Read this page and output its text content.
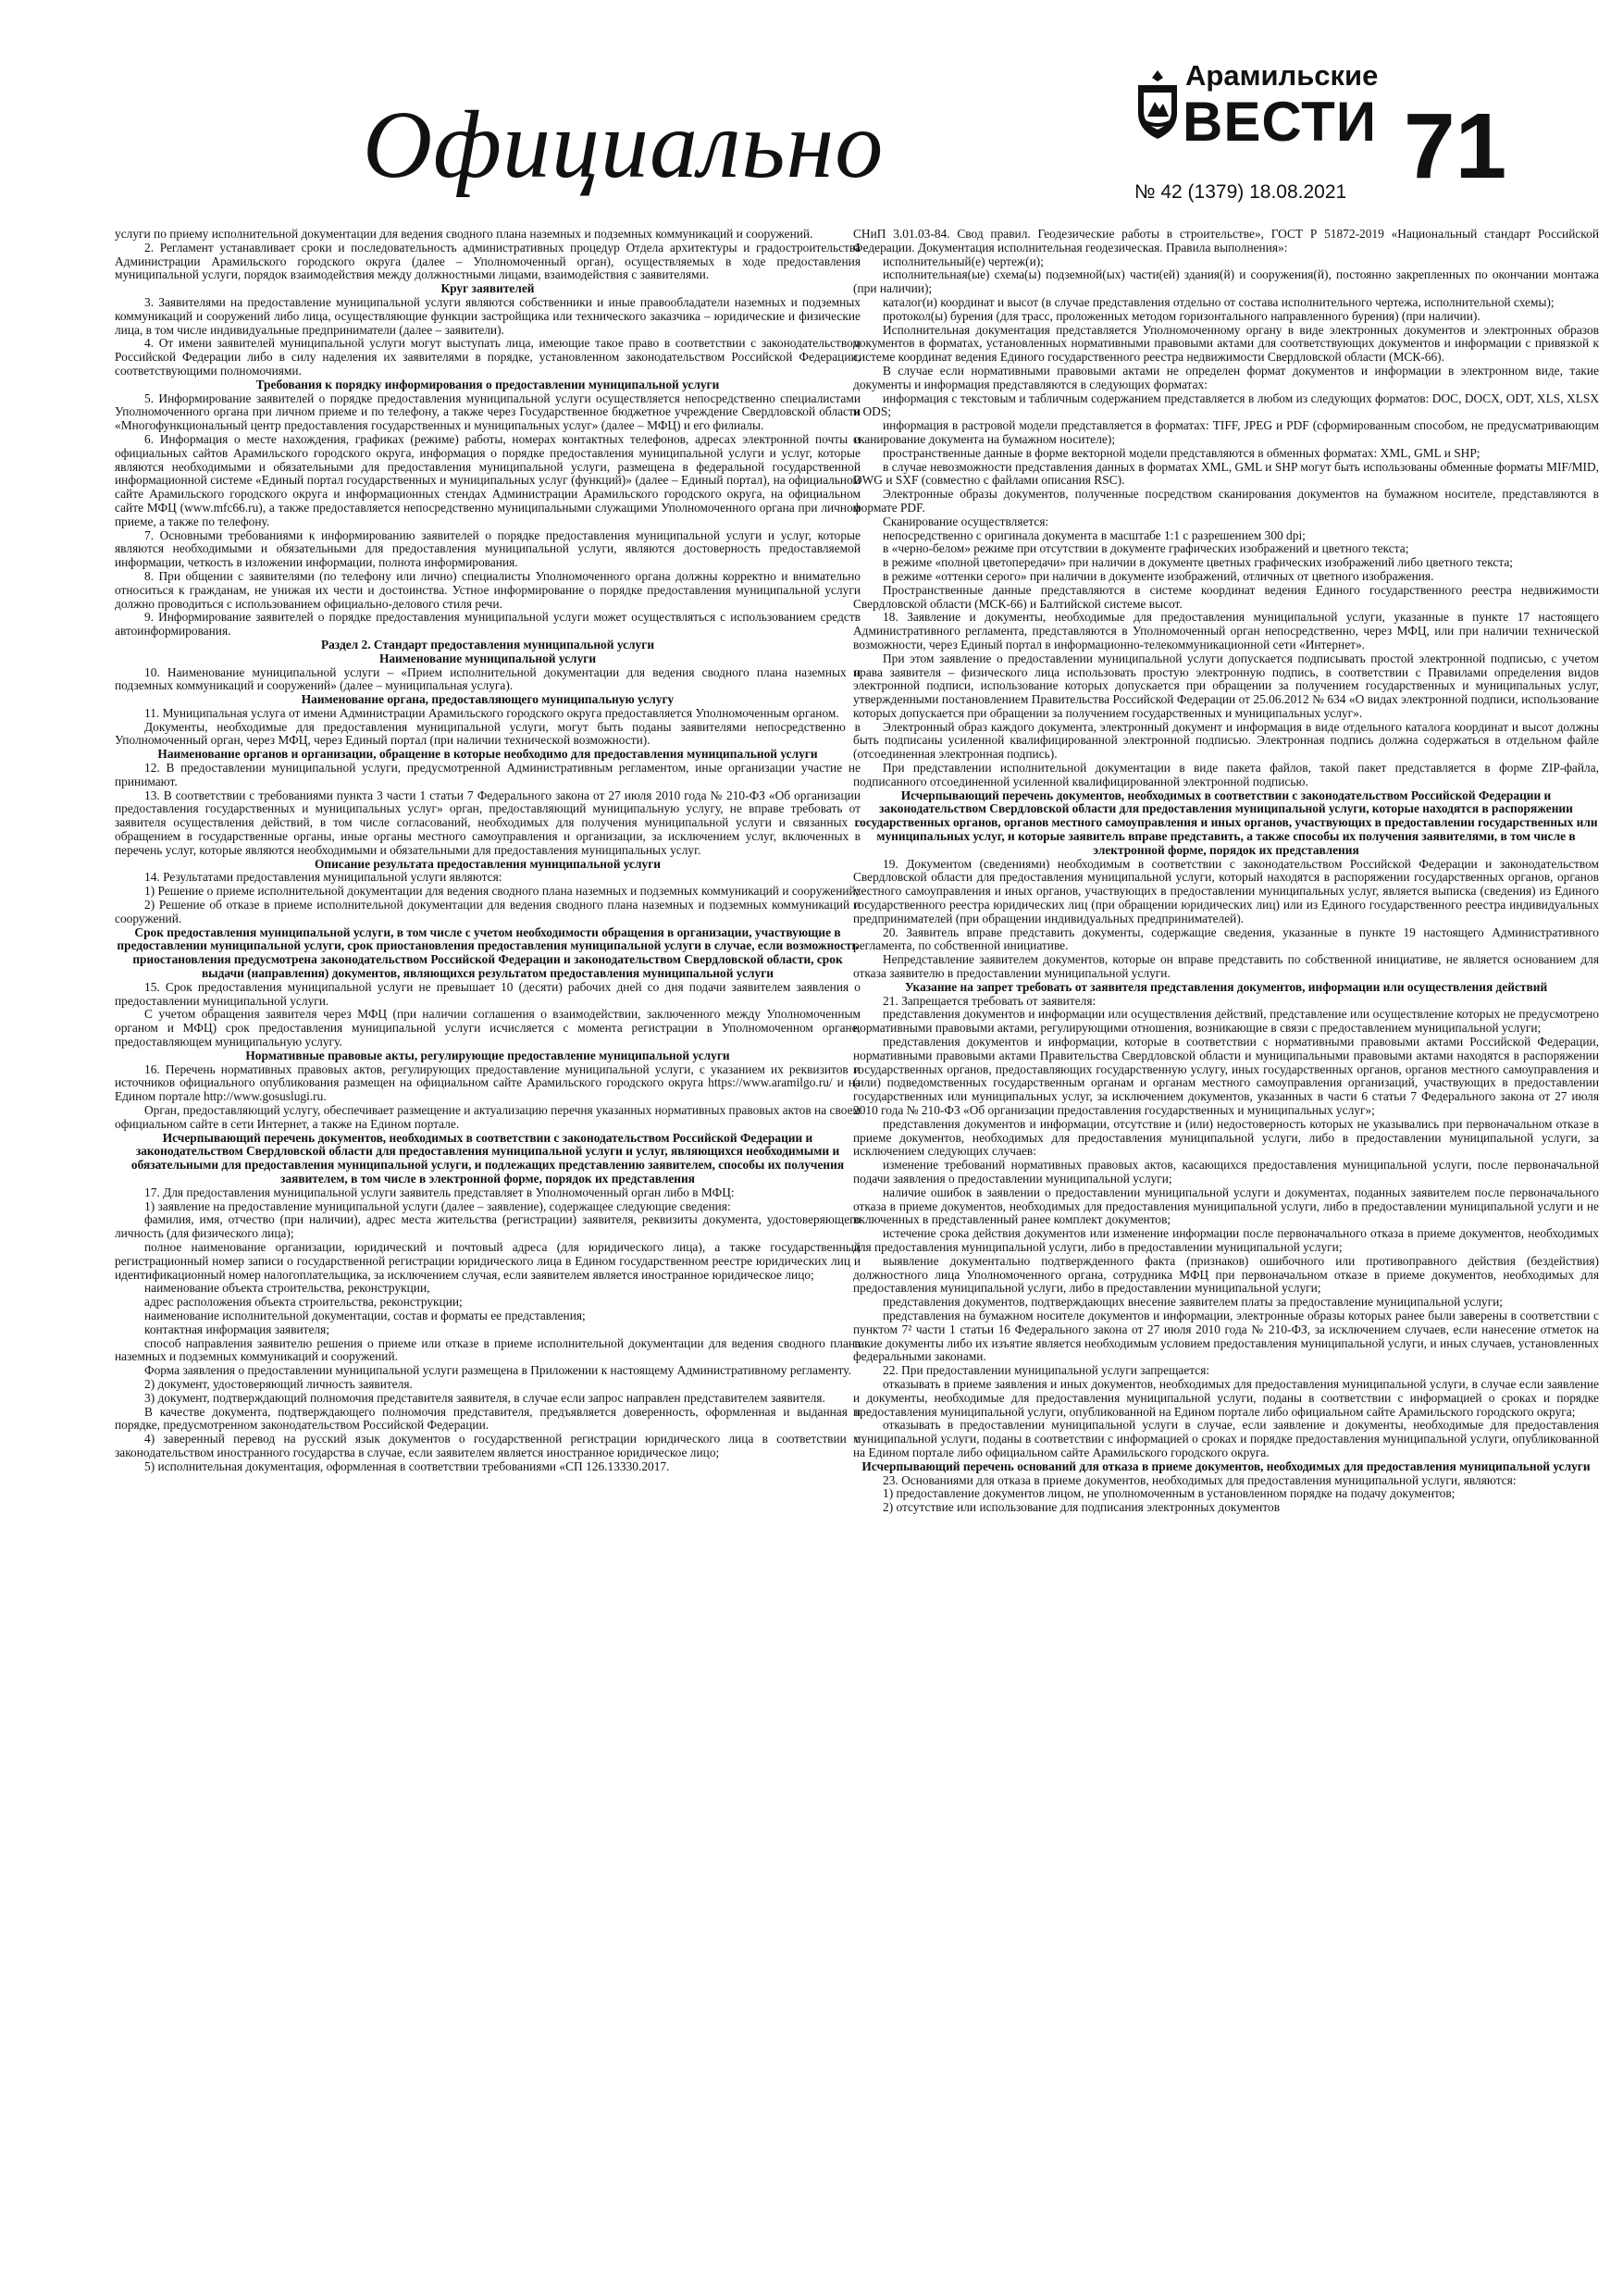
Официально
Арамильские
ВЕСТИ
№ 42 (1379) 18.08.2021 71

услуги по приему исполнительной документации для ведения сводного плана наземных и подземных коммуникаций и сооружений.

2. Регламент устанавливает сроки и последовательность административных процедур Отдела архитектуры и градостроительства Администрации Арамильского городского округа (далее – Уполномоченный орган), осуществляемых в ходе предоставления муниципальной услуги, порядок взаимодействия между должностными лицами, взаимодействия с заявителями.

Круг заявителей

3. Заявителями на предоставление муниципальной услуги являются собственники и иные правообладатели наземных и подземных коммуникаций и сооружений либо лица, осуществляющие функции застройщика или технического заказчика – юридические и физические лица, в том числе индивидуальные предприниматели (далее – заявители).

4. От имени заявителей муниципальной услуги могут выступать лица, имеющие такое право в соответствии с законодательством Российской Федерации либо в силу наделения их заявителями в порядке, установленном законодательством Российской Федерации, соответствующими полномочиями.

Требования к порядку информирования о предоставлении муниципальной услуги

5. Информирование заявителей о порядке предоставления муниципальной услуги осуществляется непосредственно специалистами Уполномоченного органа при личном приеме и по телефону, а также через Государственное бюджетное учреждение Свердловской области «Многофункциональный центр предоставления государственных и муниципальных услуг» (далее – МФЦ) и его филиалы.

6. Информация о месте нахождения, графиках (режиме) работы, номерах контактных телефонов, адресах электронной почты и официальных сайтов Арамильского городского округа, информация о порядке предоставления муниципальной услуги и услуг, которые являются необходимыми и обязательными для предоставления муниципальной услуги, размещена в федеральной государственной информационной системе «Единый портал государственных и муниципальных услуг (функций)» (далее – Единый портал), на официальном сайте Арамильского городского округа и информационных стендах Администрации Арамильского городского округа, на официальном сайте МФЦ (www.mfc66.ru), а также предоставляется непосредственно муниципальными служащими Уполномоченного органа при личном приеме, а также по телефону.

7. Основными требованиями к информированию заявителей о порядке предоставления муниципальной услуги и услуг, которые являются необходимыми и обязательными для предоставления муниципальной услуги, являются достоверность предоставляемой информации, четкость в изложении информации, полнота информирования.

8. При общении с заявителями (по телефону или лично) специалисты Уполномоченного органа должны корректно и внимательно относиться к гражданам, не унижая их чести и достоинства. Устное информирование о порядке предоставления муниципальной услуги должно проводиться с использованием официально-делового стиля речи.

9. Информирование заявителей о порядке предоставления муниципальной услуги может осуществляться с использованием средств автоинформирования.

Раздел 2. Стандарт предоставления муниципальной услуги
Наименование муниципальной услуги

10. Наименование муниципальной услуги – «Прием исполнительной документации для ведения сводного плана наземных и подземных коммуникаций и сооружений» (далее – муниципальная услуга).

Наименование органа, предоставляющего муниципальную услугу

11. Муниципальная услуга от имени Администрации Арамильского городского округа предоставляется Уполномоченным органом.

Документы, необходимые для предоставления муниципальной услуги, могут быть поданы заявителями непосредственно в Уполномоченный орган, через МФЦ, через Единый портал (при наличии технической возможности).

Наименование органов и организации, обращение в которые необходимо для предоставления муниципальной услуги

12. В предоставлении муниципальной услуги, предусмотренной Административным регламентом, иные организации участие не принимают.

13. В соответствии с требованиями пункта 3 части 1 статьи 7 Федерального закона от 27 июля 2010 года № 210-ФЗ «Об организации предоставления государственных и муниципальных услуг» орган, предоставляющий муниципальную услугу, не вправе требовать от заявителя осуществления действий, в том числе согласований, необходимых для получения муниципальной услуги и связанных с обращением в государственные органы, иные органы местного самоуправления и организации, за исключением услуг, включенных в перечень услуг, которые являются необходимыми и обязательными для предоставления муниципальных услуг.

Описание результата предоставления муниципальной услуги

14. Результатами предоставления муниципальной услуги являются:

1) Решение о приеме исполнительной документации для ведения сводного плана наземных и подземных коммуникаций и сооружений;

2) Решение об отказе в приеме исполнительной документации для ведения сводного плана наземных и подземных коммуникаций и сооружений.

Срок предоставления муниципальной услуги, в том числе с учетом необходимости обращения в организации, участвующие в предоставлении муниципальной услуги, срок приостановления предоставления муниципальной услуги в случае, если возможность приостановления предусмотрена законодательством Российской Федерации и законодательством Свердловской области, срок выдачи (направления) документов, являющихся результатом предоставления муниципальной услуги

15. Срок предоставления муниципальной услуги не превышает 10 (десяти) рабочих дней со дня подачи заявителем заявления о предоставлении муниципальной услуги.

С учетом обращения заявителя через МФЦ (при наличии соглашения о взаимодействии, заключенного между Уполномоченным органом и МФЦ) срок предоставления муниципальной услуги исчисляется с момента регистрации в Уполномоченном органе, предоставляющем муниципальную услугу.

Нормативные правовые акты, регулирующие предоставление муниципальной услуги

16. Перечень нормативных правовых актов, регулирующих предоставление муниципальной услуги, с указанием их реквизитов и источников официального опубликования размещен на официальном сайте Арамильского городского округа https://www.aramilgo.ru/ и на Едином портале http://www.gosuslugi.ru.

Орган, предоставляющий услугу, обеспечивает размещение и актуализацию перечня указанных нормативных правовых актов на своем официальном сайте в сети Интернет, а также на Едином портале.

Исчерпывающий перечень документов, необходимых в соответствии с законодательством Российской Федерации и законодательством Свердловской области для предоставления муниципальной услуги и услуг, являющихся необходимыми и обязательными для предоставления муниципальной услуги, и подлежащих представлению заявителем, способы их получения заявителем, в том числе в электронной форме, порядок их представления

17. Для предоставления муниципальной услуги заявитель представляет в Уполномоченный орган либо в МФЦ:

1) заявление на предоставление муниципальной услуги (далее – заявление), содержащее следующие сведения:

фамилия, имя, отчество (при наличии), адрес места жительства (регистрации) заявителя, реквизиты документа, удостоверяющего личность (для физического лица);

полное наименование организации, юридический и почтовый адреса (для юридического лица), а также государственный регистрационный номер записи о государственной регистрации юридического лица в Едином государственном реестре юридических лиц и идентификационный номер налогоплательщика, за исключением случая, если заявителем является иностранное юридическое лицо;

наименование объекта строительства, реконструкции,

адрес расположения объекта строительства, реконструкции;

наименование исполнительной документации, состав и форматы ее представления;

контактная информация заявителя;

способ направления заявителю решения о приеме или отказе в приеме исполнительной документации для ведения сводного плана наземных и подземных коммуникаций и сооружений.

Форма заявления о предоставлении муниципальной услуги размещена в Приложении к настоящему Административному регламенту.

2) документ, удостоверяющий личность заявителя.

3) документ, подтверждающий полномочия представителя заявителя, в случае если запрос направлен представителем заявителя.

В качестве документа, подтверждающего полномочия представителя, предъявляется доверенность, оформленная и выданная в порядке, предусмотренном законодательством Российской Федерации.

4) заверенный перевод на русский язык документов о государственной регистрации юридического лица в соответствии с законодательством иностранного государства в случае, если заявителем является иностранное юридическое лицо;

5) исполнительная документация, оформленная в соответствии требованиями «СП 126.13330.2017.

СНиП 3.01.03-84. Свод правил. Геодезические работы в строительстве», ГОСТ Р 51872-2019 «Национальный стандарт Российской Федерации. Документация исполнительная геодезическая. Правила выполнения»:

исполнительный(е) чертеж(и);

исполнительная(ые) схема(ы) подземной(ых) части(ей) здания(й) и сооружения(й), постоянно закрепленных по окончании монтажа (при наличии);

каталог(и) координат и высот (в случае представления отдельно от состава исполнительного чертежа, исполнительной схемы);

протокол(ы) бурения (для трасс, проложенных методом горизонтального направленного бурения) (при наличии).

Исполнительная документация представляется Уполномоченному органу в виде электронных документов и электронных образов документов в форматах, установленных нормативными правовыми актами для соответствующих документов и информации с привязкой к системе координат ведения Единого государственного реестра недвижимости Свердловской области (МСК-66).

В случае если нормативными правовыми актами не определен формат документов и информации в электронном виде, такие документы и информация представляются в следующих форматах:

информация с текстовым и табличным содержанием представляется в любом из следующих форматов: DOC, DOCX, ODT, XLS, XLSX и ODS;

информация в растровой модели представляется в форматах: TIFF, JPEG и PDF (сформированным способом, не предусматривающим сканирование документа на бумажном носителе);

пространственные данные в форме векторной модели представляются в обменных форматах: XML, GML и SHP;

в случае невозможности представления данных в форматах XML, GML и SHP могут быть использованы обменные форматы MIF/MID, DWG и SXF (совместно с файлами описания RSC).

Электронные образы документов, полученные посредством сканирования документов на бумажном носителе, представляются в формате PDF.

Сканирование осуществляется:

непосредственно с оригинала документа в масштабе 1:1 с разрешением 300 dpi;

в «черно-белом» режиме при отсутствии в документе графических изображений и цветного текста;

в режиме «полной цветопередачи» при наличии в документе цветных графических изображений либо цветного текста;

в режиме «оттенки серого» при наличии в документе изображений, отличных от цветного изображения.

Пространственные данные представляются в системе координат ведения Единого государственного реестра недвижимости Свердловской области (МСК-66) и Балтийской системе высот.

18. Заявление и документы, необходимые для предоставления муниципальной услуги, указанные в пункте 17 настоящего Административного регламента, представляются в Уполномоченный орган непосредственно, через МФЦ, или при наличии технической возможности, через Единый портал в информационно-телекоммуникационной сети «Интернет».

При этом заявление о предоставлении муниципальной услуги допускается подписывать простой электронной подписью, с учетом права заявителя – физического лица использовать простую электронную подпись, в соответствии с Правилами определения видов электронной подписи, использование которых допускается при обращении за получением государственных и муниципальных услуг, утвержденными постановлением Правительства Российской Федерации от 25.06.2012 № 634 «О видах электронной подписи, использование которых допускается при обращении за получением государственных и муниципальных услуг».

Электронный образ каждого документа, электронный документ и информация в виде отдельного каталога координат и высот должны быть подписаны усиленной квалифицированной электронной подписью. Электронная подпись должна содержаться в отдельном файле (отсоединенная электронная подпись).

При представлении исполнительной документации в виде пакета файлов, такой пакет представляется в форме ZIP-файла, подписанного отсоединенной усиленной квалифицированной электронной подписью.

Исчерпывающий перечень документов, необходимых в соответствии с законодательством Российской Федерации и законодательством Свердловской области для предоставления муниципальной услуги, которые находятся в распоряжении государственных органов, органов местного самоуправления и иных органов, участвующих в предоставлении государственных или муниципальных услуг, и которые заявитель вправе представить, а также способы их получения заявителями, в том числе в электронной форме, порядок их представления

19. Документом (сведениями) необходимым в соответствии с законодательством Российской Федерации и законодательством Свердловской области для предоставления муниципальной услуги, который находятся в распоряжении государственных органов, органов местного самоуправления и иных органов, участвующих в предоставлении муниципальных услуг, является выписка (сведения) из Единого государственного реестра юридических лиц (при обращении юридических лиц) или из Единого государственного реестра индивидуальных предпринимателей (при обращении индивидуальных предпринимателей).

20. Заявитель вправе представить документы, содержащие сведения, указанные в пункте 19 настоящего Административного регламента, по собственной инициативе.

Непредставление заявителем документов, которые он вправе представить по собственной инициативе, не является основанием для отказа заявителю в предоставлении муниципальной услуги.

Указание на запрет требовать от заявителя представления документов, информации или осуществления действий

21. Запрещается требовать от заявителя:

представления документов и информации или осуществления действий, представление или осуществление которых не предусмотрено нормативными правовыми актами, регулирующими отношения, возникающие в связи с предоставлением муниципальной услуги;

представления документов и информации, которые в соответствии с нормативными правовыми актами Российской Федерации, нормативными правовыми актами Правительства Свердловской области и муниципальными правовыми актами находятся в распоряжении государственных органов, предоставляющих государственную услугу, иных государственных органов, органов местного самоуправления и (или) подведомственных государственным органам и органам местного самоуправления организаций, участвующих в предоставлении государственных или муниципальных услуг, за исключением документов, указанных в части 6 статьи 7 Федерального закона от 27 июля 2010 года № 210-ФЗ «Об организации предоставления государственных и муниципальных услуг»;

представления документов и информации, отсутствие и (или) недостоверность которых не указывались при первоначальном отказе в приеме документов, необходимых для предоставления муниципальной услуги, либо в предоставлении муниципальной услуги, за исключением следующих случаев:

изменение требований нормативных правовых актов, касающихся предоставления муниципальной услуги, после первоначальной подачи заявления о предоставлении муниципальной услуги;

наличие ошибок в заявлении о предоставлении муниципальной услуги и документах, поданных заявителем после первоначального отказа в приеме документов, необходимых для предоставления муниципальной услуги, либо в предоставлении муниципальной услуги и не включенных в представленный ранее комплект документов;

истечение срока действия документов или изменение информации после первоначального отказа в приеме документов, необходимых для предоставления муниципальной услуги, либо в предоставлении муниципальной услуги;

выявление документально подтвержденного факта (признаков) ошибочного или противоправного действия (бездействия) должностного лица Уполномоченного органа, сотрудника МФЦ при первоначальном отказе в приеме документов, необходимых для предоставления муниципальной услуги, либо в предоставлении муниципальной услуги;

представления документов, подтверждающих внесение заявителем платы за предоставление муниципальной услуги;

представления на бумажном носителе документов и информации, электронные образы которых ранее были заверены в соответствии с пунктом 7² части 1 статьи 16 Федерального закона от 27 июля 2010 года № 210-ФЗ, за исключением случаев, если нанесение отметок на такие документы либо их изъятие является необходимым условием предоставления муниципальной услуги, и иных случаев, установленных федеральными законами.

22. При предоставлении муниципальной услуги запрещается:

отказывать в приеме заявления и иных документов, необходимых для предоставления муниципальной услуги, в случае если заявление и документы, необходимые для предоставления муниципальной услуги, поданы в соответствии с информацией о сроках и порядке предоставления муниципальной услуги, опубликованной на Едином портале либо официальном сайте Арамильского городского округа;

отказывать в предоставлении муниципальной услуги в случае, если заявление и документы, необходимые для предоставления муниципальной услуги, поданы в соответствии с информацией о сроках и порядке предоставления муниципальной услуги, опубликованной на Едином портале либо официальном сайте Арамильского городского округа.

Исчерпывающий перечень оснований для отказа в приеме документов, необходимых для предоставления муниципальной услуги

23. Основаниями для отказа в приеме документов, необходимых для предоставления муниципальной услуги, являются:

1) предоставление документов лицом, не уполномоченным в установленном порядке на подачу документов;

2) отсутствие или использование для подписания электронных документов
